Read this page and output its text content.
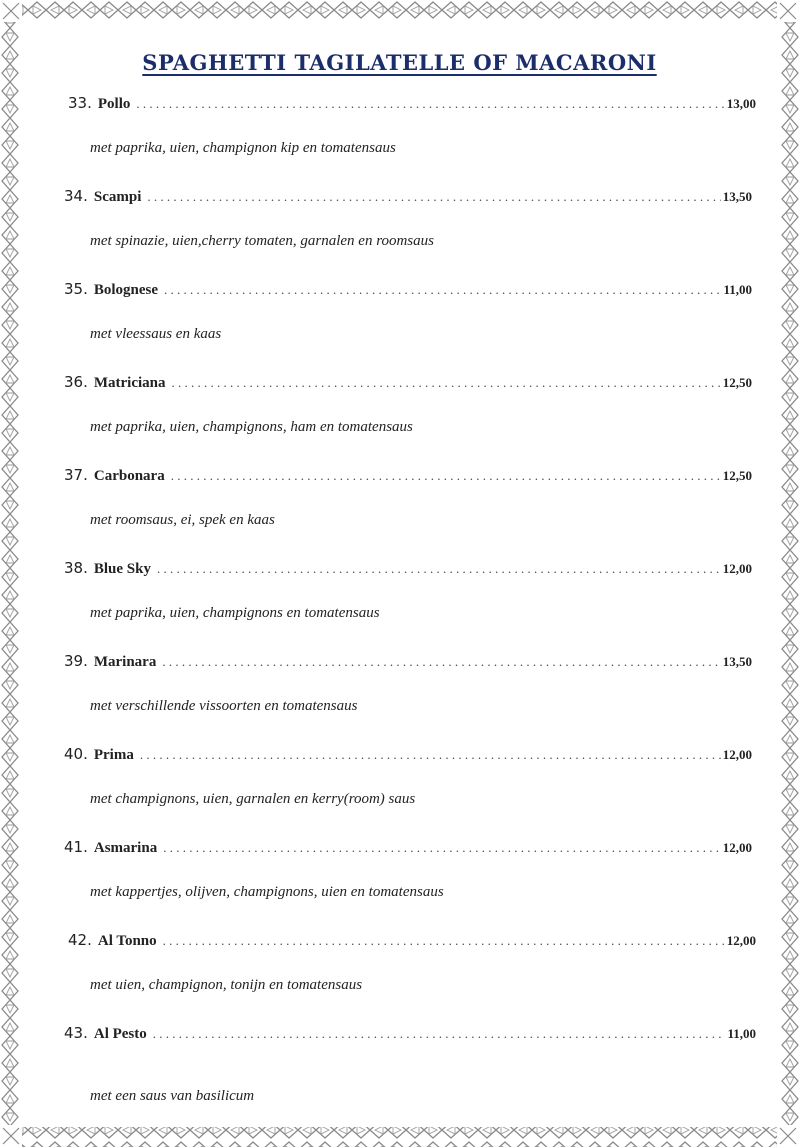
SPAGHETTI TAGILATELLE OF MACARONI
33. Pollo . . .	13,00
met paprika, uien, champignon kip en tomatensaus
34. Scampi . . .	13,50
met spinazie, uien,cherry tomaten, garnalen en roomsaus
35. Bolognese . . .	11,00
met vleessaus en kaas
36. Matriciana . . .	12,50
met paprika, uien, champignons, ham en tomatensaus
37. Carbonara . . .	12,50
met roomsaus, ei, spek en kaas
38. Blue Sky . . .	12,00
met paprika, uien, champignons en tomatensaus
39. Marinara . . .	13,50
met verschillende vissoorten en tomatensaus
40. Prima . . .	12,00
met champignons, uien, garnalen en kerry(room) saus
41. Asmarina . . .	12,00
met kappertjes, olijven, champignons, uien en tomatensaus
42. Al Tonno . . .	12,00
met uien, champignon, tonijn en tomatensaus
43. Al Pesto . . .	11,00
met een saus van basilicum
